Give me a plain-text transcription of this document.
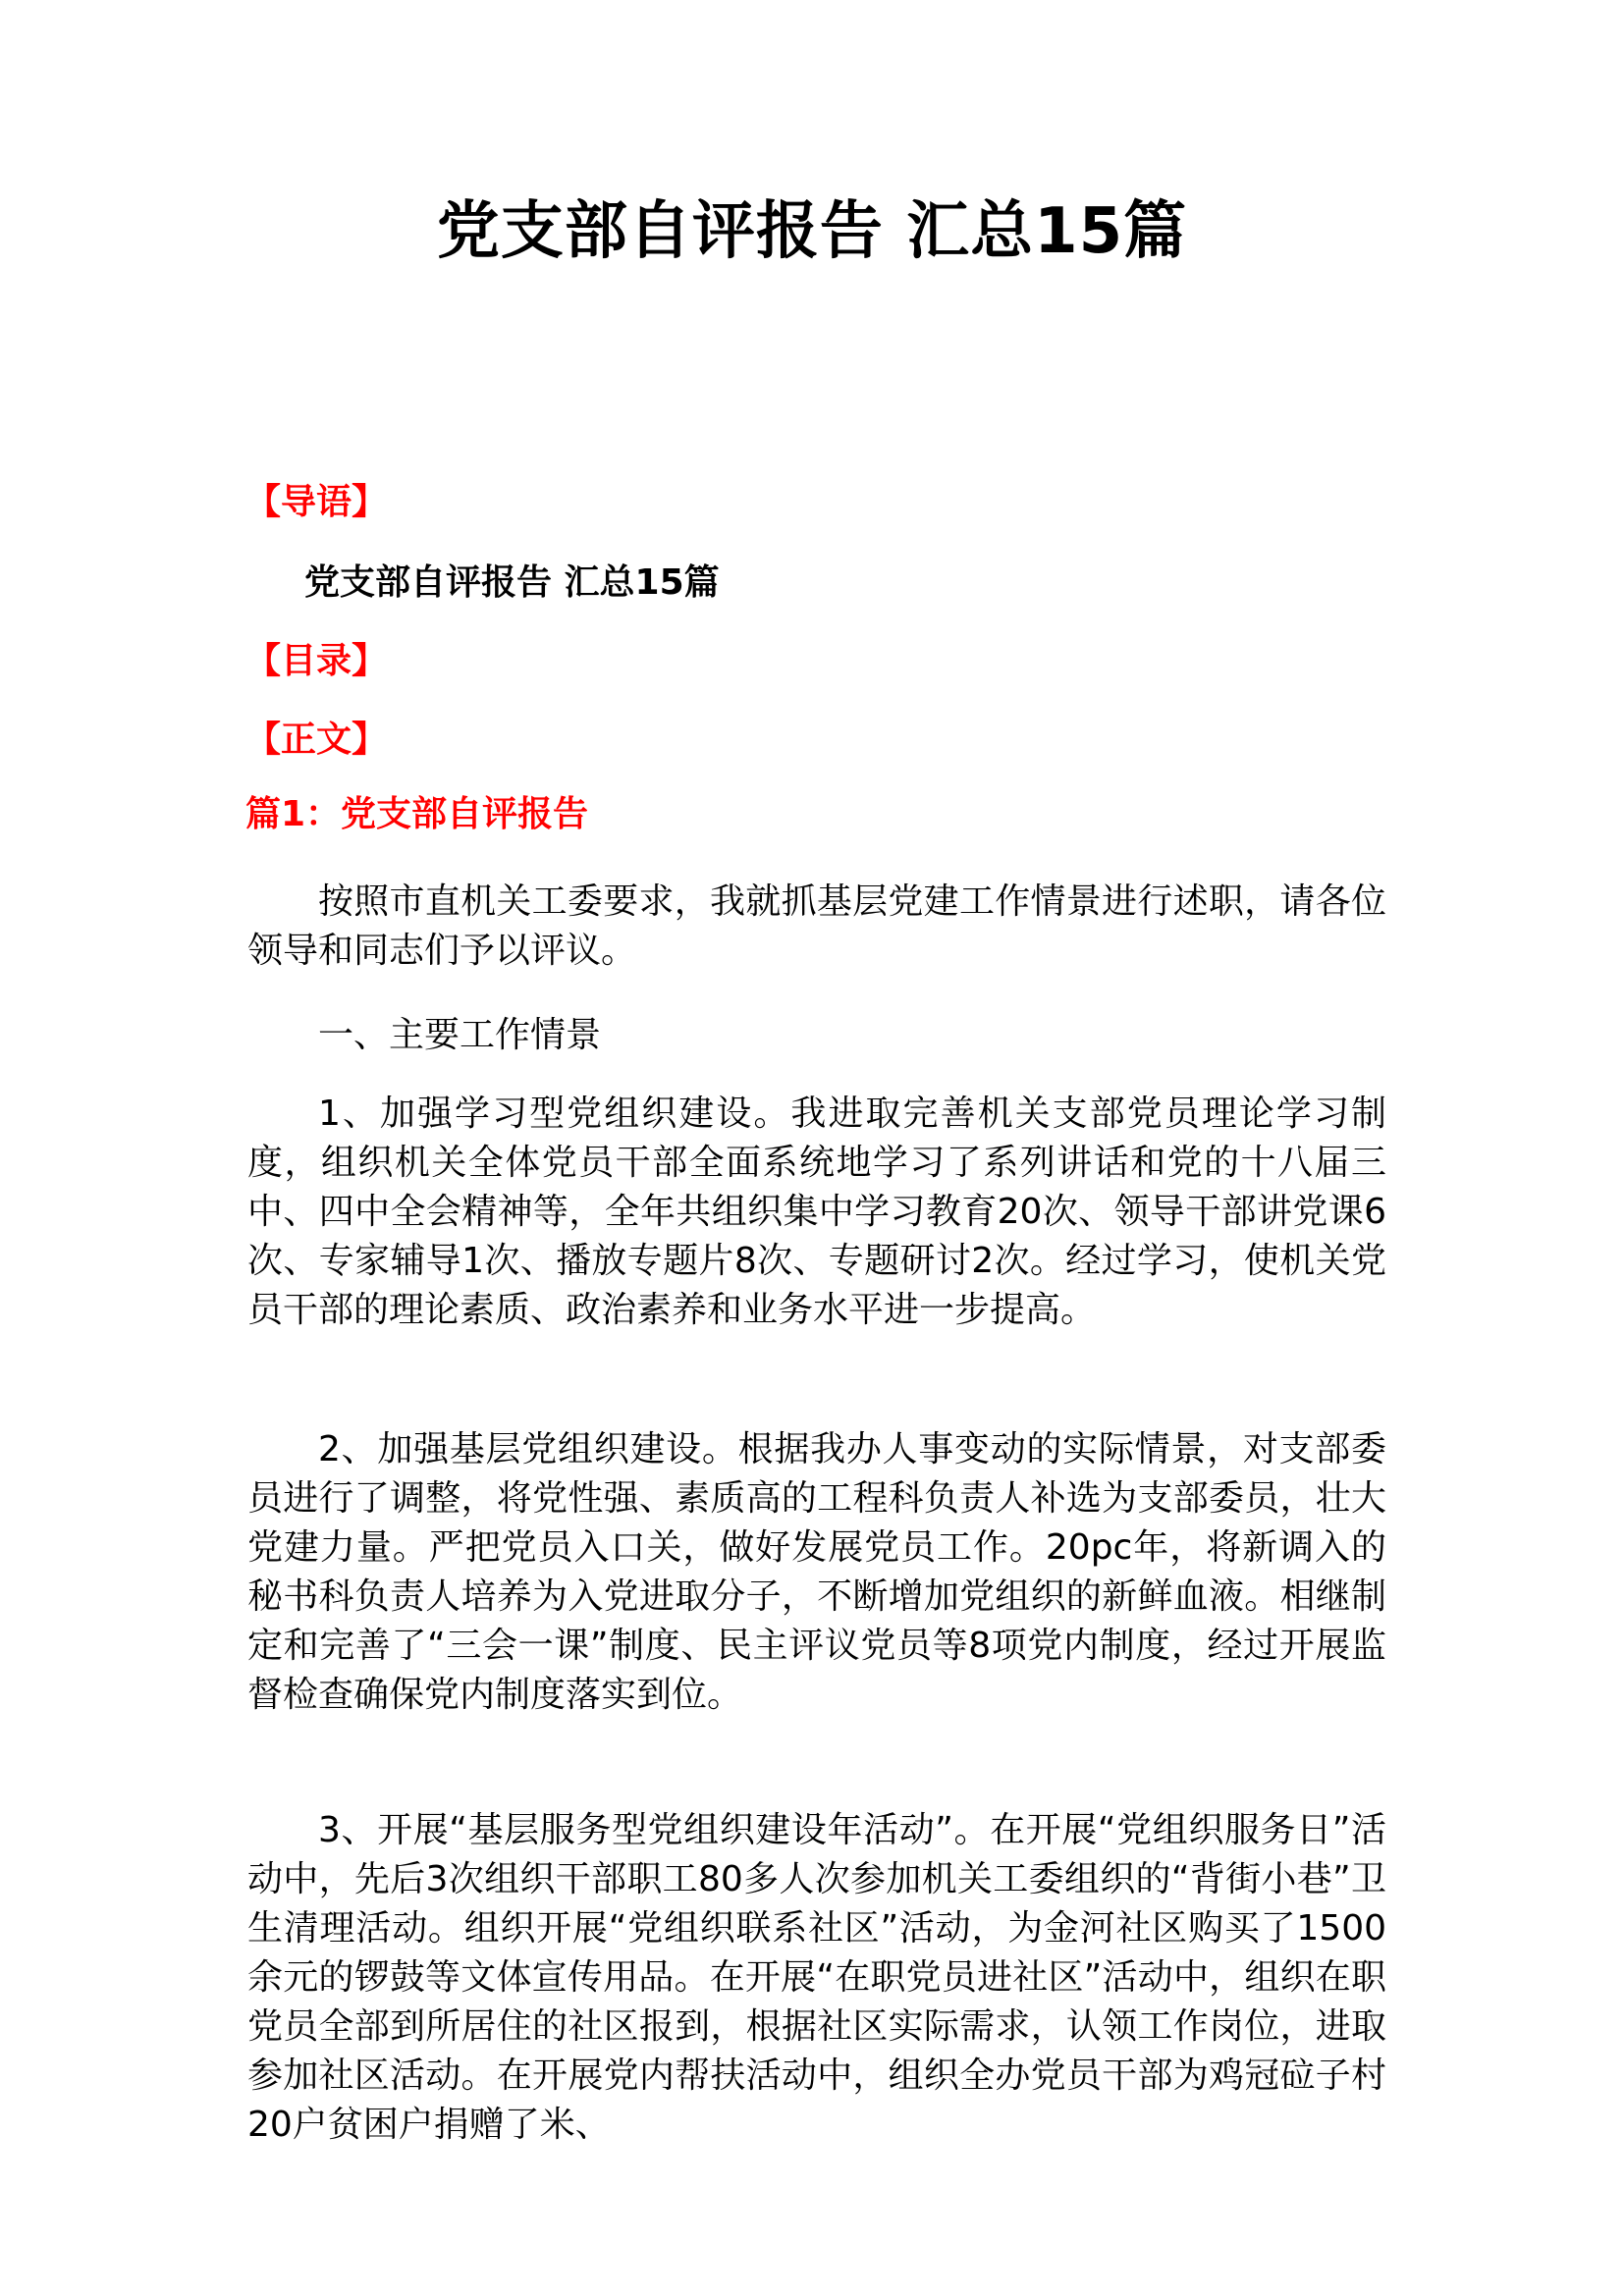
党支部自评报告 汇总15篇
【导语】
党支部自评报告 汇总15篇
【目录】
【正文】
篇1：党支部自评报告

按照市直机关工委要求，我就抓基层党建工作情景进行述职，请各位领导和同志们予以评议。

一、主要工作情景

1、加强学习型党组织建设。我进取完善机关支部党员理论学习制度，组织机关全体党员干部全面系统地学习了系列讲话和党的十八届三中、四中全会精神等，全年共组织集中学习教育20次、领导干部讲党课6次、专家辅导1次、播放专题片8次、专题研讨2次。经过学习，使机关党员干部的理论素质、政治素养和业务水平进一步提高。

2、加强基层党组织建设。根据我办人事变动的实际情景，对支部委员进行了调整，将党性强、素质高的工程科负责人补选为支部委员，壮大党建力量。严把党员入口关，做好发展党员工作。20pc年，将新调入的秘书科负责人培养为入党进取分子，不断增加党组织的新鲜血液。相继制定和完善了“三会一课”制度、民主评议党员等8项党内制度，经过开展监督检查确保党内制度落实到位。

3、开展“基层服务型党组织建设年活动”。在开展“党组织服务日”活动中，先后3次组织干部职工80多人次参加机关工委组织的“背街小巷”卫生清理活动。组织开展“党组织联系社区”活动，为金河社区购买了1500余元的锣鼓等文体宣传用品。在开展“在职党员进社区”活动中，组织在职党员全部到所居住的社区报到，根据社区实际需求，认领工作岗位，进取参加社区活动。在开展党内帮扶活动中，组织全办党员干部为鸡冠砬子村20户贫困户捐赠了米、
